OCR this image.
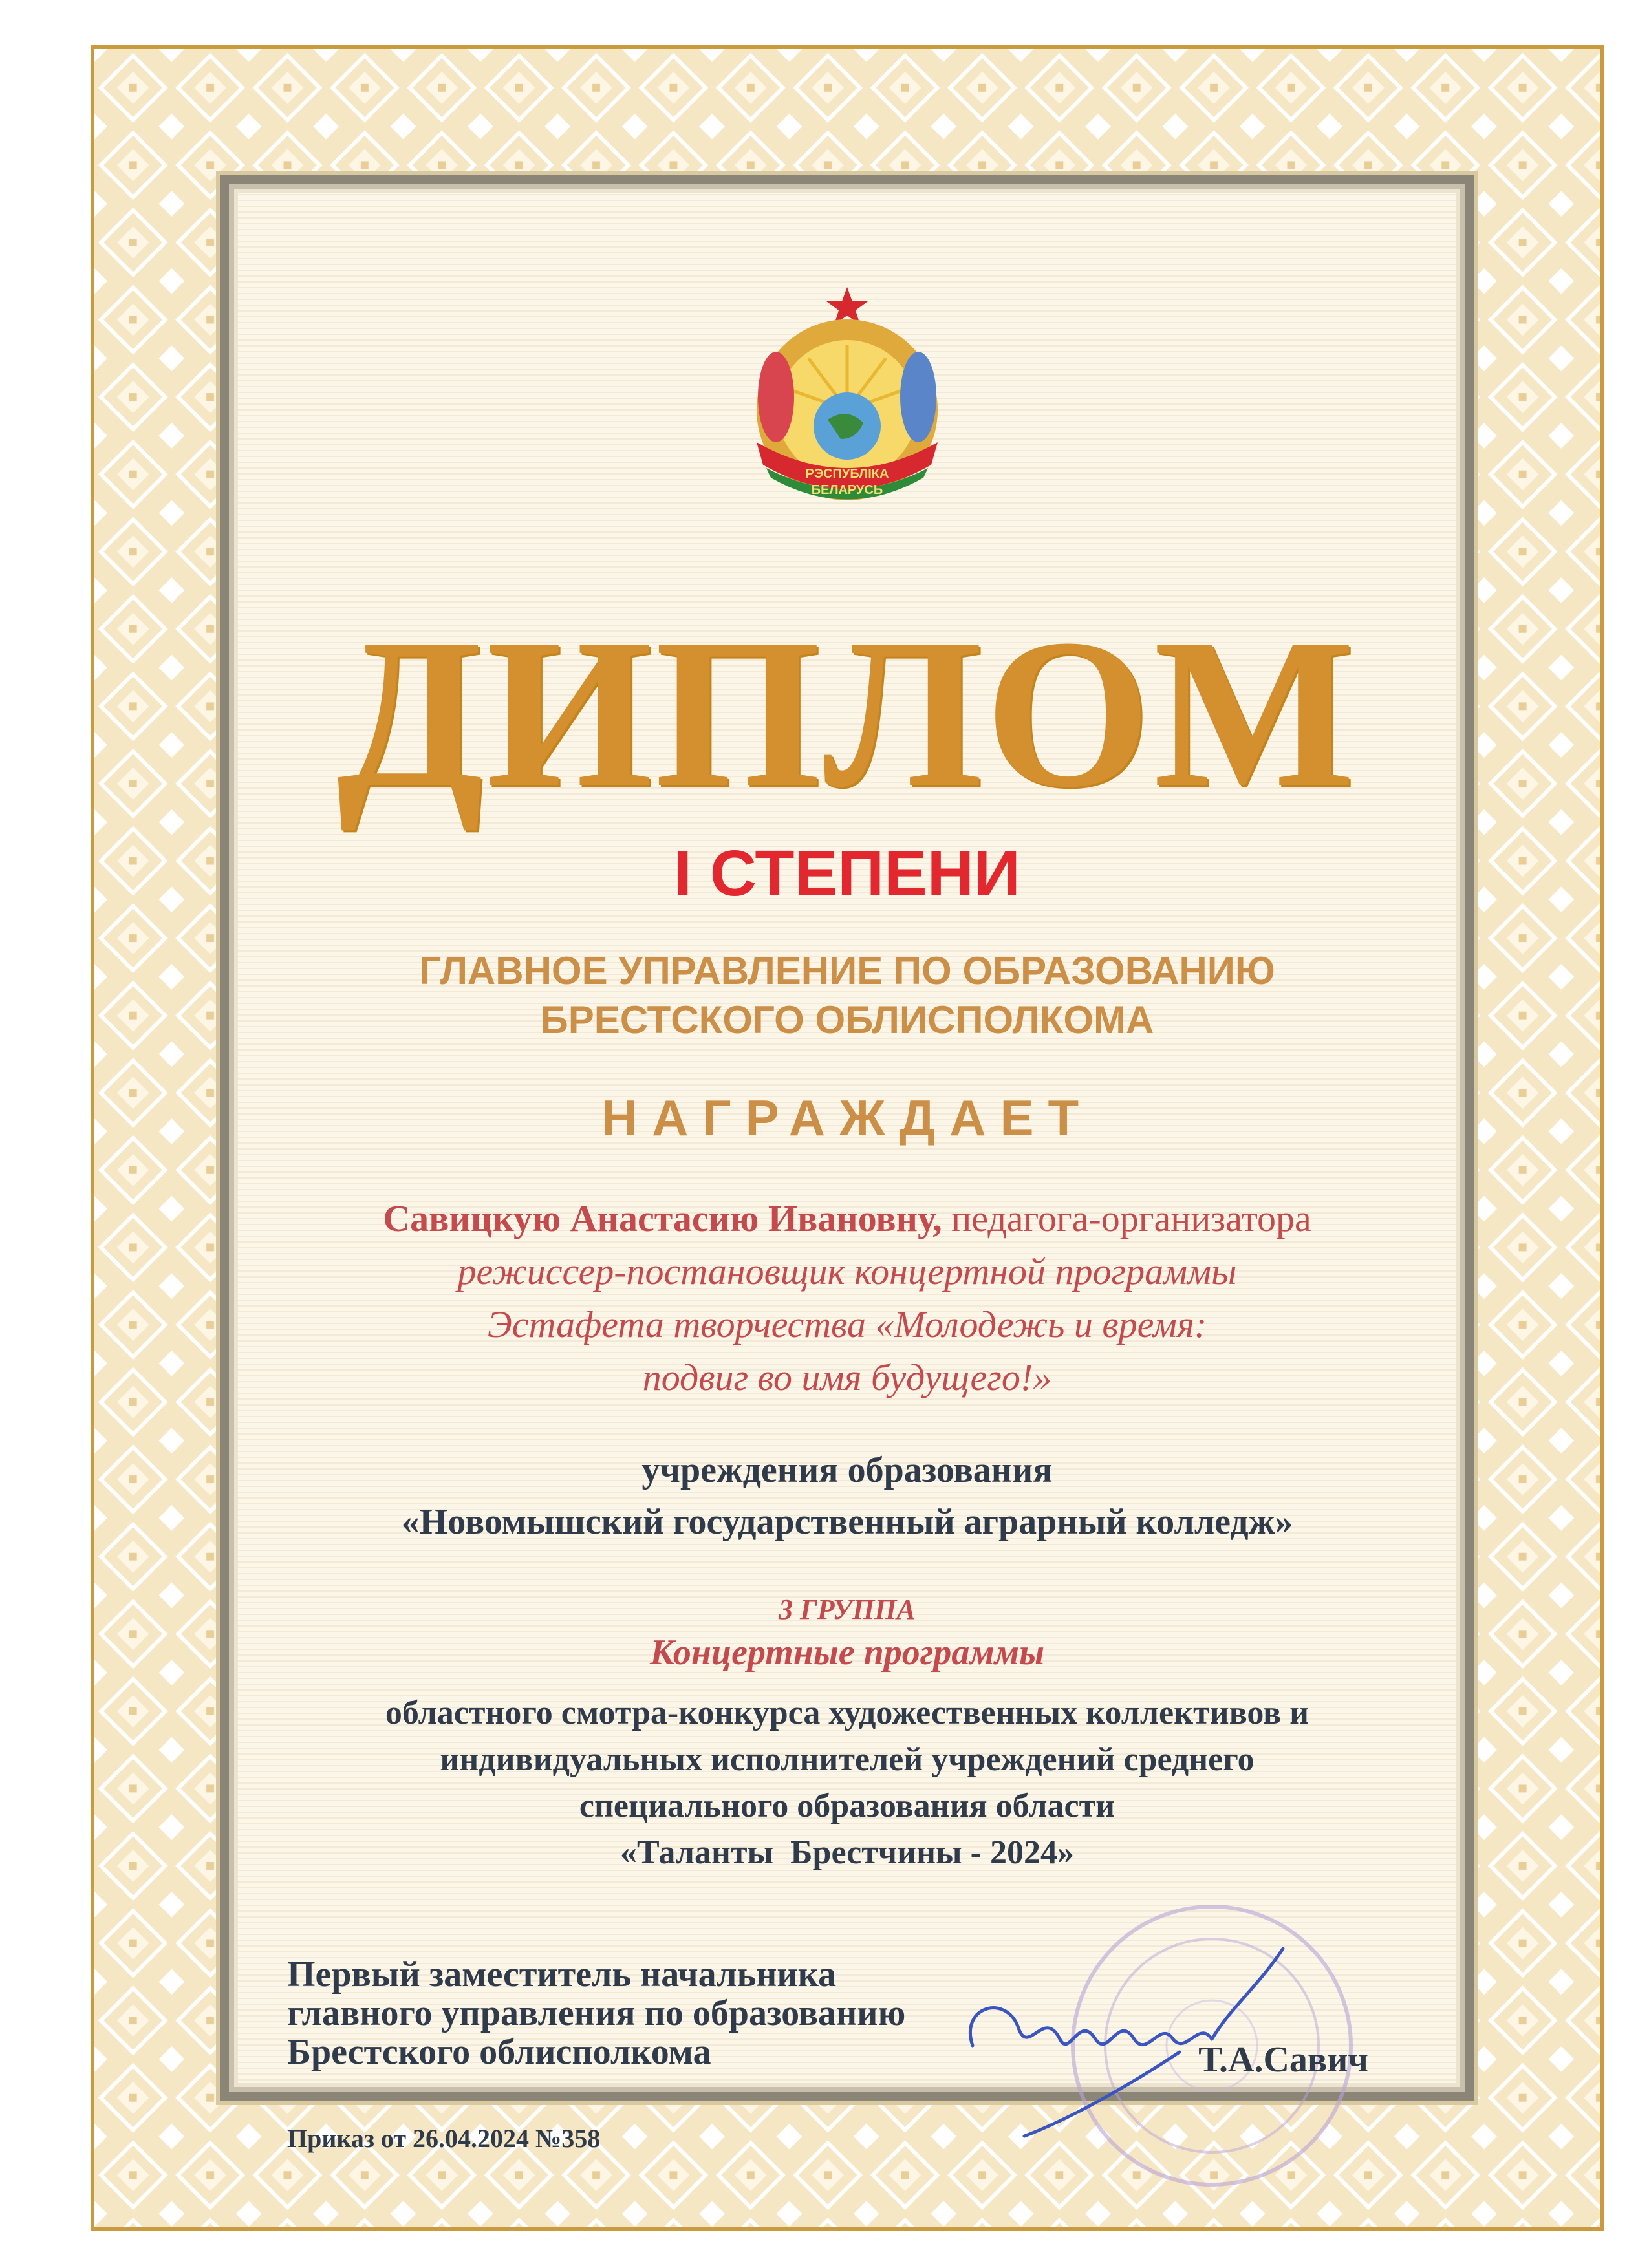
РЭСПУБЛІКА
БЕЛАРУСЬ
ДИПЛОМ
I СТЕПЕНИ
ГЛАВНОЕ УПРАВЛЕНИЕ ПО ОБРАЗОВАНИЮ
БРЕСТСКОГО ОБЛИСПОЛКОМА
НАГРАЖДАЕТ
Савицкую Анастасию Ивановну, педагога-организатора
режиссер-постановщик концертной программы
Эстафета творчества «Молодежь и время:
подвиг во имя будущего!»
учреждения образования
«Новомышский государственный аграрный колледж»
3 ГРУППА
Концертные программы
областного смотра-конкурса художественных коллективов и
индивидуальных исполнителей учреждений среднего
специального образования области
«Таланты  Брестчины - 2024»
Первый заместитель начальника
главного управления по образованию
Брестского облисполкома	Т.А.Савич
Приказ от 26.04.2024 №358
